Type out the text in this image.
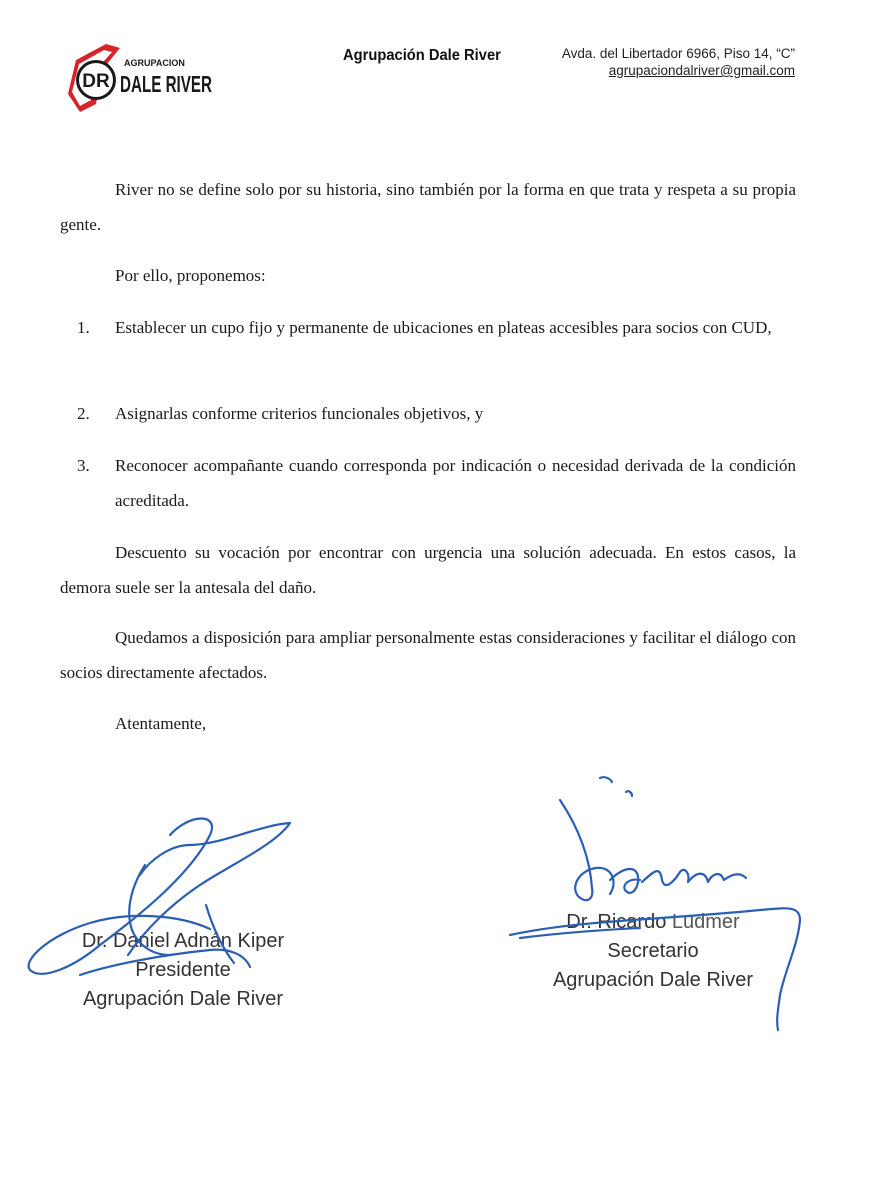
DR
AGRUPACION
DALE RIVER
Agrupación Dale River	Avda. del Libertador 6966, Piso 14, “C”
agrupaciondalriver@gmail.com

River no se define solo por su historia, sino también por la forma en que trata y respeta a su propia gente.

Por ello, proponemos:

1. Establecer un cupo fijo y permanente de ubicaciones en plateas accesibles para socios con CUD,
2. Asignarlas conforme criterios funcionales objetivos, y
3. Reconocer acompañante cuando corresponda por indicación o necesidad derivada de la condición acreditada.

Descuento su vocación por encontrar con urgencia una solución adecuada. En estos casos, la demora suele ser la antesala del daño.

Quedamos a disposición para ampliar personalmente estas consideraciones y facilitar el diálogo con socios directamente afectados.

Atentamente,

Dr. Daniel Adnán Kiper
Presidente
Agrupación Dale River
Dr. Ricardo Ludmer
Secretario
Agrupación Dale River
